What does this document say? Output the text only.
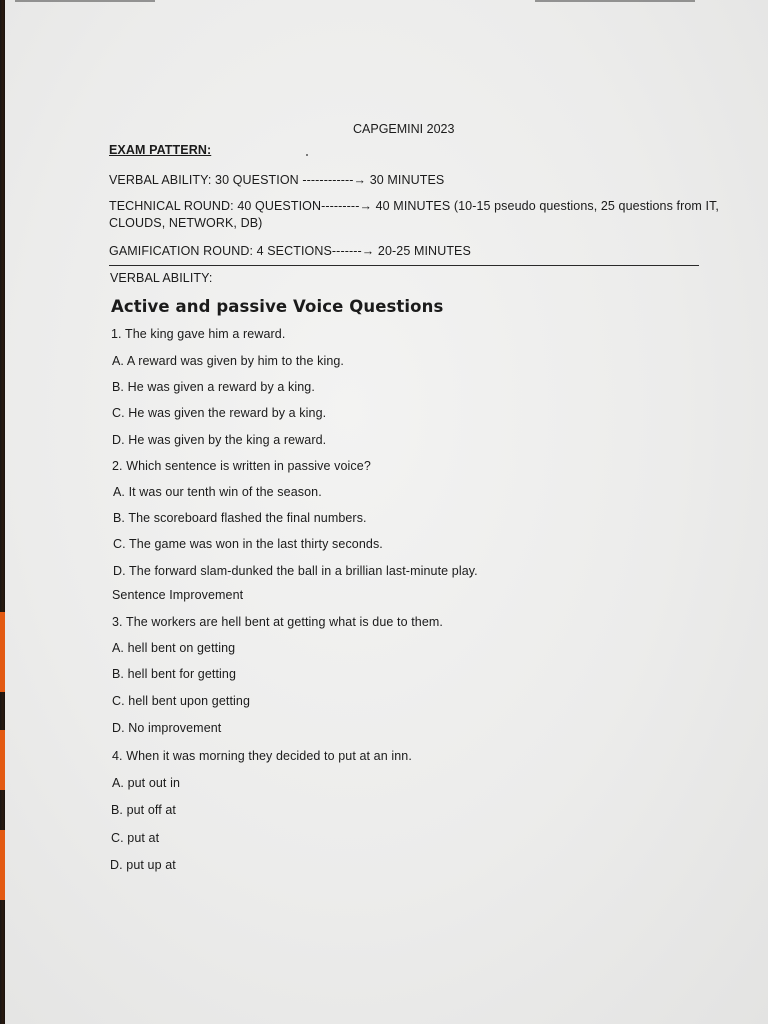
CAPGEMINI 2023
EXAM PATTERN:
VERBAL ABILITY: 30 QUESTION ------------→ 30 MINUTES
TECHNICAL ROUND: 40 QUESTION---------→ 40 MINUTES (10-15 pseudo questions, 25 questions from IT,
CLOUDS, NETWORK, DB)
GAMIFICATION ROUND: 4 SECTIONS-------→ 20-25 MINUTES
VERBAL ABILITY:
Active and passive Voice Questions
1. The king gave him a reward.
A. A reward was given by him to the king.
B. He was given a reward by a king.
C. He was given the reward by a king.
D. He was given by the king a reward.
2. Which sentence is written in passive voice?
A. It was our tenth win of the season.
B. The scoreboard flashed the final numbers.
C. The game was won in the last thirty seconds.
D. The forward slam-dunked the ball in a brillian last-minute play.
Sentence Improvement
3. The workers are hell bent at getting what is due to them.
A. hell bent on getting
B. hell bent for getting
C. hell bent upon getting
D. No improvement
4. When it was morning they decided to put at an inn.
A. put out in
B. put off at
C. put at
D. put up at
